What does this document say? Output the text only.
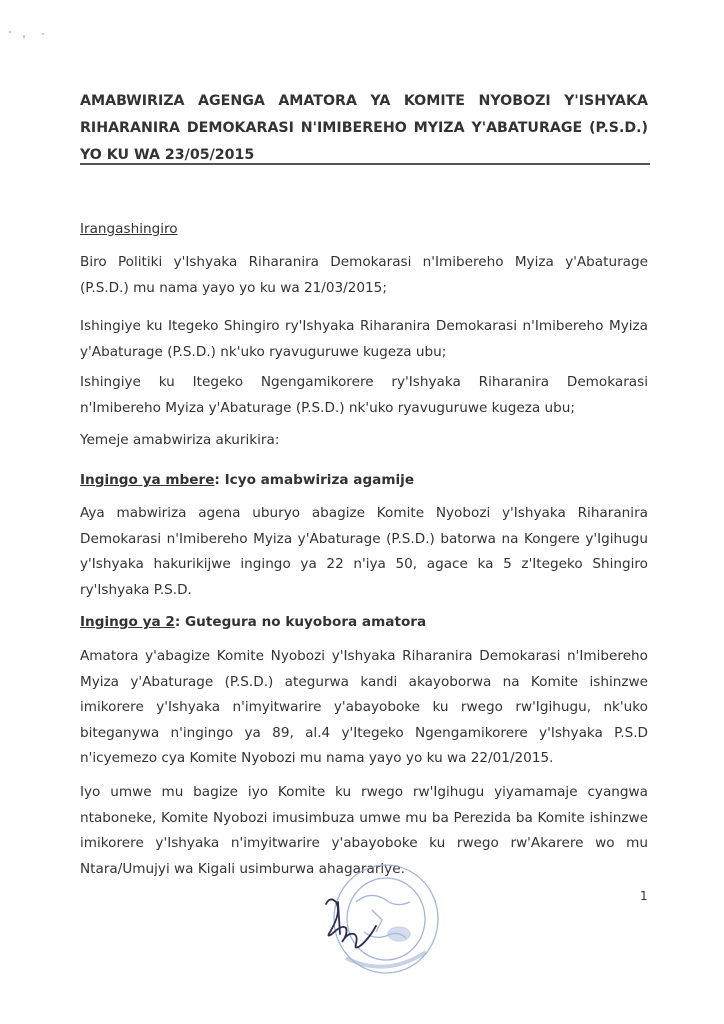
AMABWIRIZA AGENGA AMATORA YA KOMITE NYOBOZI Y'ISHYAKA RIHARANIRA DEMOKARASI N'IMIBEREHO MYIZA Y'ABATURAGE (P.S.D.) YO KU WA 23/05/2015
Irangashingiro
Biro Politiki y'Ishyaka Riharanira Demokarasi n'Imibereho Myiza y'Abaturage (P.S.D.) mu nama yayo yo ku wa 21/03/2015;
Ishingiye ku Itegeko Shingiro ry'Ishyaka Riharanira Demokarasi n'Imibereho Myiza y'Abaturage (P.S.D.) nk'uko ryavuguruwe kugeza ubu;
Ishingiye ku Itegeko Ngengamikorere ry'Ishyaka Riharanira Demokarasi n'Imibereho Myiza y'Abaturage (P.S.D.) nk'uko ryavuguruwe kugeza ubu;
Yemeje amabwiriza akurikira:
Ingingo ya mbere: Icyo amabwiriza agamije
Aya mabwiriza agena uburyo abagize Komite Nyobozi y'Ishyaka Riharanira Demokarasi n'Imibereho Myiza y'Abaturage (P.S.D.) batorwa na Kongere y'Igihugu y'Ishyaka hakurikijwe ingingo ya 22 n'iya 50, agace ka 5 z'Itegeko Shingiro ry'Ishyaka P.S.D.
Ingingo ya 2: Gutegura no kuyobora amatora
Amatora y'abagize Komite Nyobozi y'Ishyaka Riharanira Demokarasi n'Imibereho Myiza y'Abaturage (P.S.D.) ategurwa kandi akayoborwa na Komite ishinzwe imikorere y'Ishyaka n'imyitwarire y'abayoboke ku rwego rw'Igihugu, nk'uko biteganywa n'ingingo ya 89, al.4 y'Itegeko Ngengamikorere y'Ishyaka P.S.D n'icyemezo cya Komite Nyobozi mu nama yayo yo ku wa 22/01/2015.
Iyo umwe mu bagize iyo Komite ku rwego rw'Igihugu yiyamamaje cyangwa ntaboneke, Komite Nyobozi imusimbuza umwe mu ba Perezida ba Komite ishinzwe imikorere y'Ishyaka n'imyitwarire y'abayoboke ku rwego rw'Akarere wo mu Ntara/Umujyi wa Kigali usimburwa ahagarariye.
1
